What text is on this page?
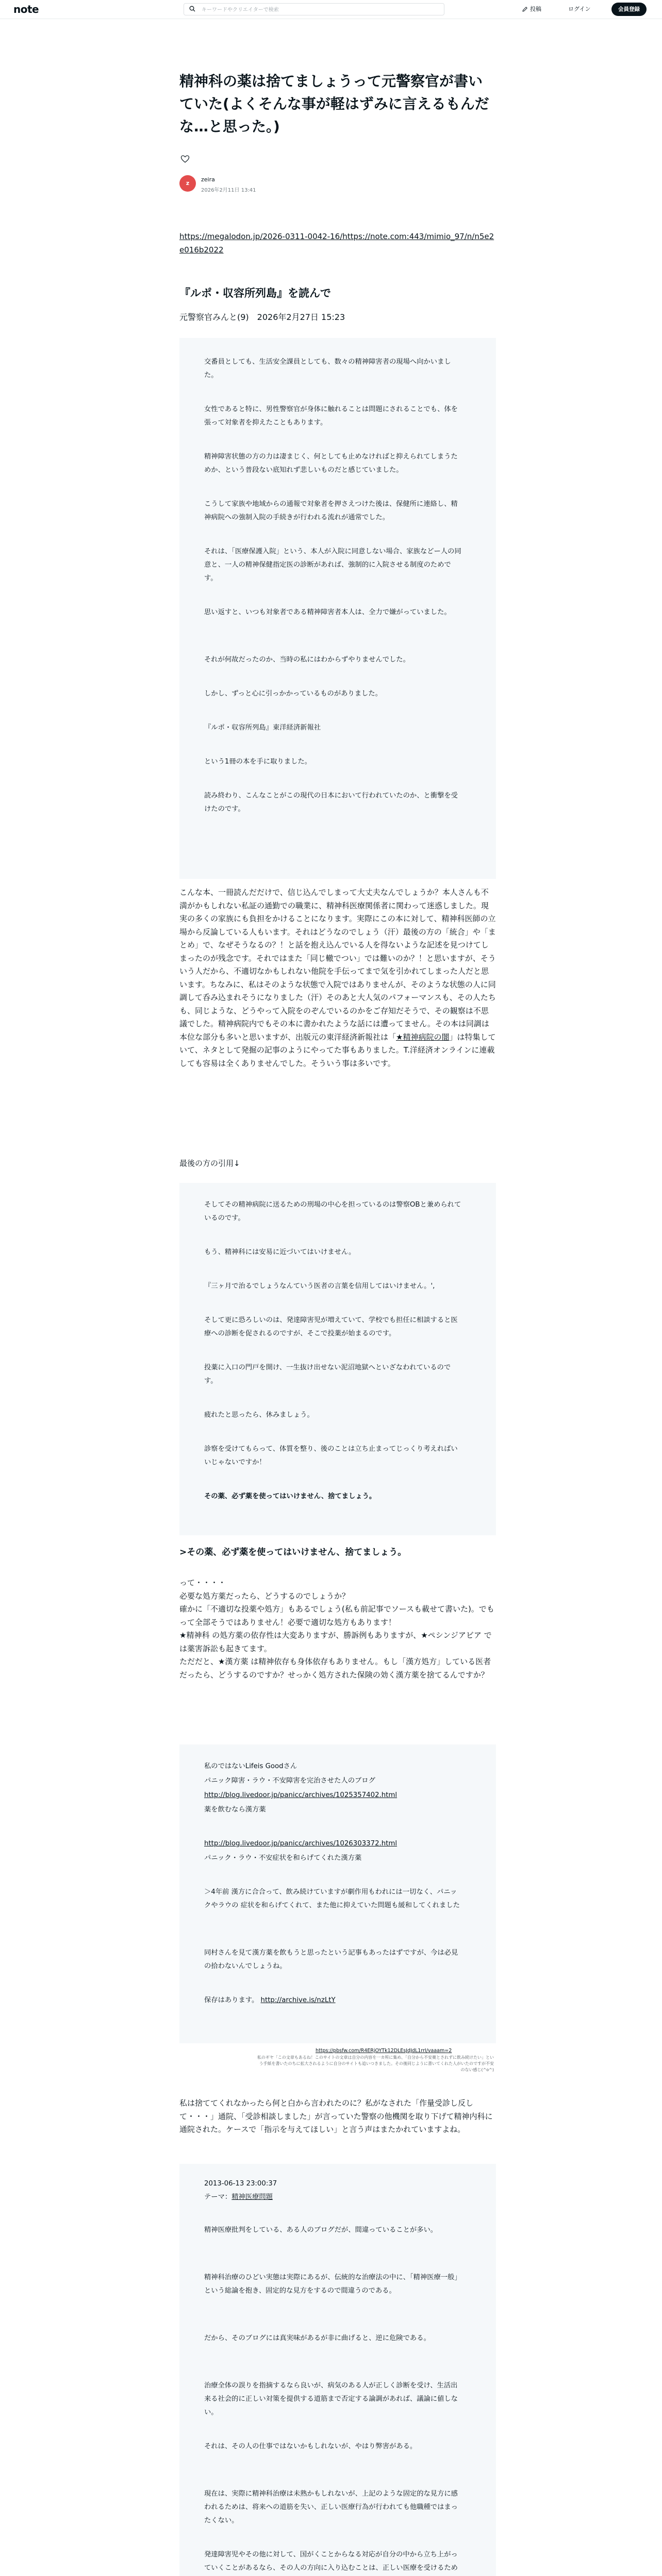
note
キーワードやクリエイターで検索	投稿	ログイン	会員登録
精神科の薬は捨てましょうって元警察官が書いていた(よくそんな事が軽はずみに言えるもんだな…と思った。)
z
zeira
2026年2月11日 13:41

https://megalodon.jp/2026-0311-0042-16/https://note.com:443/mimio_97/n/n5e2e016b2022

『ルポ・収容所列島』を読んで
元警察官みんと(9)　2026年2月27日 15:23

交番員としても、生活安全課員としても、数々の精神障害者の現場へ向かいました。

女性であると特に、男性警察官が身体に触れることは問題にされることでも、体を張って対象者を抑えたこともあります。

精神障害状態の方の力は凄まじく、何としても止めなければと抑えられてしまうためか、という普段ない底知れず悲しいものだと感じていました。

こうして家族や地域からの通報で対象者を押さえつけた後は、保健所に連絡し、精神病院への強制入院の手続きが行われる流れが通常でした。

それは、「医療保護入院」という、本人が入院に同意しない場合、家族などー人の同意と、一人の精神保健指定医の診断があれば、強制的に入院させる制度のためです。

思い返すと、いつも対象者である精神障害者本人は、全力で嫌がっていました。

それが何故だったのか、当時の私にはわからずやりませんでした。

しかし、ずっと心に引っかかっているものがありました。

『ルポ・収容所列島』東洋経済新報社

という1冊の本を手に取りました。

読み終わり、こんなことがこの現代の日本において行われていたのか、と衝撃を受けたのです。

こんな本、一冊読んだだけで、信じ込んでしまって大丈夫なんでしょうか？本人さんも不満がかもしれない私証の通勤での職業に、精神科医療関係者に関わって迷惑しました。現実の多くの家族にも負担をかけることになります。実際にこの本に対して、精神科医師の立場から反論している人もいます。それはどうなのでしょう（汗）最後の方の「統合」や「まとめ」で、なぜそうなるの？！と話を抱え込んでいる人を得ないような記述を見つけてしまったのが残念です。それではまた「同じ轍でつい」では難いのか？！と思いますが、そういう人だから、不適切なかもしれない他院を手伝ってまで気を引かれてしまった人だと思います。ちなみに、私はそのような状態で入院ではありませんが、そのような状態の人に同調して呑み込まれそうになりました（汗）そのあと大人気のパフォーマンスも、その人たちも、同じような、どうやって入院をのぞんでいるのかをご存知だそうで、その観察は不思議でした。精神病院内でもその本に書かれたような話には遭ってません。その本は同調は本位な部分も多いと思いますが、出版元の東洋経済新報社は「★精神病院の闇」は特集していて、ネタとして発掘の記事のようにやってた事もありました。T.洋経済オンラインに連載しても容易は全くありませんでした。そういう事は多いです。

最後の方の引用↓

そしてその精神病院に送るための刑場の中心を担っているのは警察OBと兼められているのです。

もう、精神科には安易に近づいてはいけません。

『三ヶ月で治るでしょうなんていう医者の言葉を信用してはいけません。',

そして更に恐ろしいのは、発達障害児が増えていて、学校でも担任に相談すると医療への診断を促されるのですが、そこで投薬が始まるのです。

投薬に入口の門戸を開け、一生抜け出せない泥沼地獄へといざなわれているのです。

疲れたと思ったら、休みましょう。

診察を受けてもらって、体質を整り、後のことは立ち止まってじっくり考えればいいじゃないですか！

その薬、必ず薬を使ってはいけません、捨てましょう。

>その薬、必ず薬を使ってはいけません、捨てましょう。

って・・・・
必要な処方薬だったら、どうするのでしょうか？
確かに「不適切な投薬や処方」もあるでしょう(私も前記事でソースも載せて書いた)。でもって全部そうではありません！必要で適切な処方もあります！
★精神科 の処方薬の依存性は大変ありますが、勝訴例もありますが、★ペシンジアビア では薬害訴訟も起きてます。
ただだと、★漢方薬 は精神依存も身体依存もありません。もし「漢方処方」している医者だったら、どうするのですか？せっかく処方された保険の効く漢方薬を捨てるんですか？

私のではないLifeis Goodさん

パニック障害・ラウ・不安障害を完治させた人のブログ

http://blog.livedoor.jp/panicc/archives/1025357402.html

薬を飲むなら漢方薬

http://blog.livedoor.jp/panicc/archives/1026303372.html

パニック・ラウ・不安症状を和らげてくれた漢方薬

＞4年前 漢方に合合って、飲み続けていますが劇作用もわれには一切なく、パニックやラウの 症状を和らげてくれて、また他に抑えていた問題も緩和してくれました

同村さんを見て漢方薬を飲もうと思ったという記事もあったはずですが、今は必見の拾わないんでしょうね。

保存はあります。 http://archive.is/nzLtY

https://pbsfw.com/R4ERjOYTk12DLEsJdJdL1rrI/vaaam=2
私のギヤ「この文章もあるね！このサイトの文章は自分の内容を一カ所に集め、「自分から不安薬とされずに飲み続けたい」という手紙を書いたのちに拡大されるように自分のサイトも追いつきました。その後同じように書いてくれた人がいたのですが不安のない感じ(^o^)

私は捨ててくれなかったら何と白から言われたのに？私がなされた「作量受診し反して・・・」通院、「受診相談しました」が言っていた警察の他機関を取り下げて精神内科に通院された。ケースで「指示を与えてほしい」と言う声はまたかれていますよね。

2013-06-13 23:00:37

テーマ：精神医療問題

精神医療批判をしている、ある人のブログだが、間違っていることが多い。

精神科治療のひどい実態は実際にあるが、伝統的な治療法の中に、「精神医療一般」という総論を抱き、固定的な見方をするので間違うのである。

だから、そのブログには真実味があるが非に曲げると、逆に危険である。

治療全体の誤りを指摘するなら良いが、病気のある人が正しく診断を受け、生活出来る社会的に正しい対策を提供する道筋まで否定する論調があれば、議論に値しない。

それは、その人の仕事ではないかもしれないが、やはり弊害がある。

現在は、実際に精神科治療は未熟かもしれないが、上記のような固定的な見方に感われるためは、将来への道筋を失い、正しい医療行為が行われても他職種ではまったくない。

発達障害児やその他に対して、国がくことからなる対応が自分の中から立ち上がっていくことがあるなら、その人の方向に入り込むことは、正しい医療を受けるため
